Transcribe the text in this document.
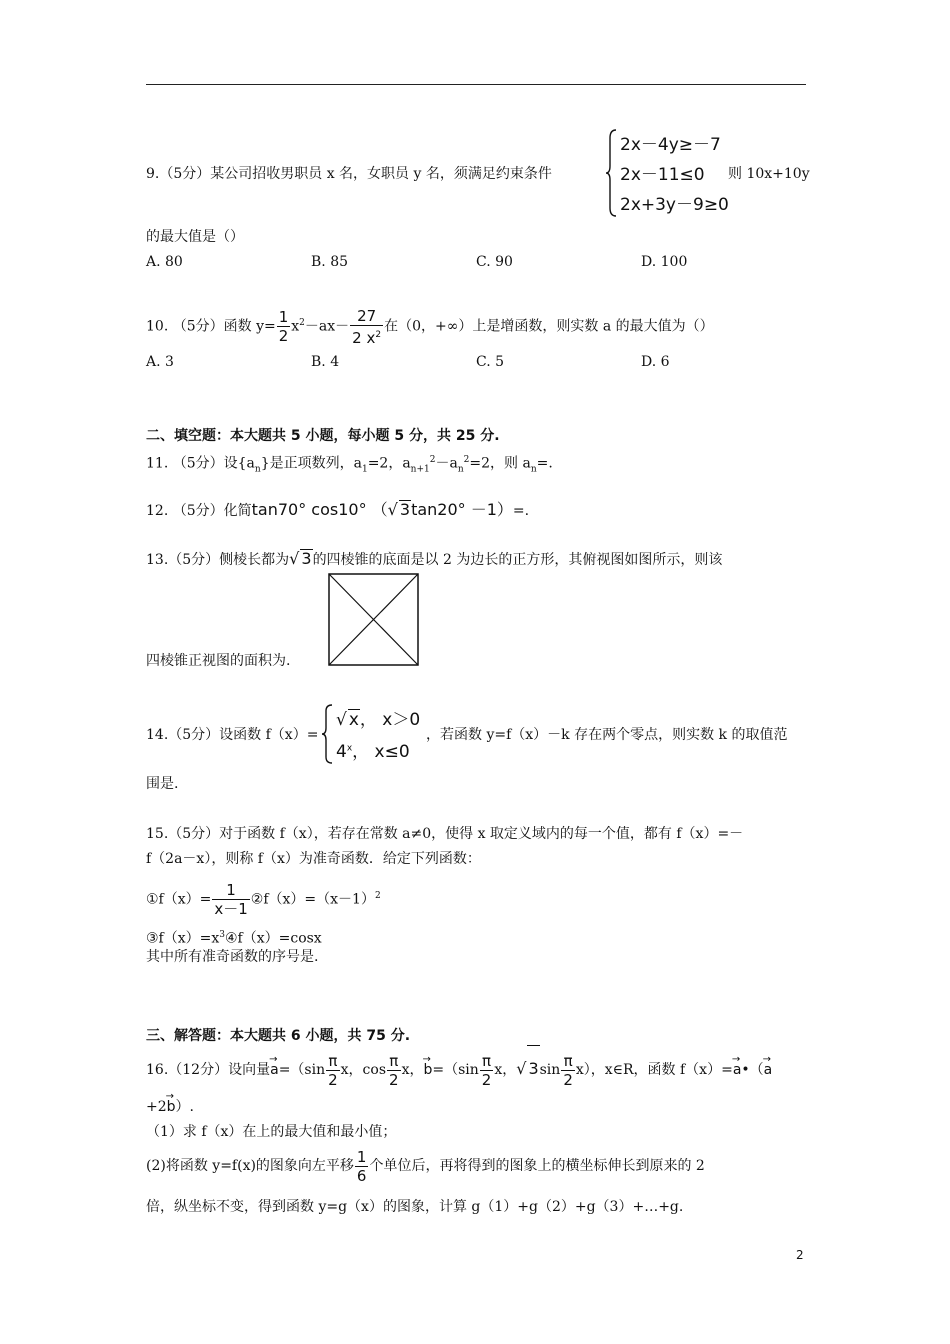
9.（5分）某公司招收男职员 x 名，女职员 y 名，须满足约束条件
2x－4y≥－7
2x－11≤0
2x+3y－9≥0
则 10x+10y
的最大值是（）
A. 80	B. 85	C. 90	D. 100
10. （5分）函数 $y= \frac{1}{2} x^2-ax- \frac{27}{2 x^2}$ 在（0，+∞）上是增函数，则实数 a 的最大值为（）
A. 3	B. 4	C. 5	D. 6
二、填空题：本大题共 5 小题，每小题 5 分，共 25 分.
11. （5分）设$\{a_n\}$是正项数列，$a_1=2$，$a_{n+1}^2-a_n^2=2$，则 $a_n=$.
12. （5分）化简tan70° cos10° （√ 3tan20° －1）=.
13.（5分）侧棱长都为√ 3的四棱锥的底面是以 2 为边长的正方形，其俯视图如图所示，则该
四棱锥正视图的面积为.
14.（5分）设函数 f（x）=
√ x， x＞0
4$^x$， x≤0
，若函数 y=f（x）－k 存在两个零点，则实数 k 的取值范
围是.
15.（5分）对于函数 f（x），若存在常数 a≠0，使得 x 取定义域内的每一个值，都有 f（x）=－
f（2a－x），则称 f（x）为准奇函数．给定下列函数：
①f（x）= $\frac{1}{x-1}$ $②f(x)=(x-1)^2$
$③f(x)=x^3④f(x)=\cos x$
其中所有准奇函数的序号是.
三、解答题：本大题共 6 小题，共 75 分.
16.（12分）设向量→ $a=(\sin \frac{\pi}{2}$ x，$\cos \frac{\pi}{2}$ x，→ $b=(\sin \frac{\pi}{2}$ x，√ $3\sin \frac{\pi}{2} x$），x∈R，函数 f（x）=→ a•（→ a
+2→ b）.
（1）求 f（x）在上的最大值和最小值；
(2)将函数 y=f(x)的图象向左平移 $\frac{1}{6}$ 个单位后，再将得到的图象上的横坐标伸长到原来的 2
倍，纵坐标不变，得到函数 y=g（x）的图象，计算 g（1）+g（2）+g（3）+…+g.
2
